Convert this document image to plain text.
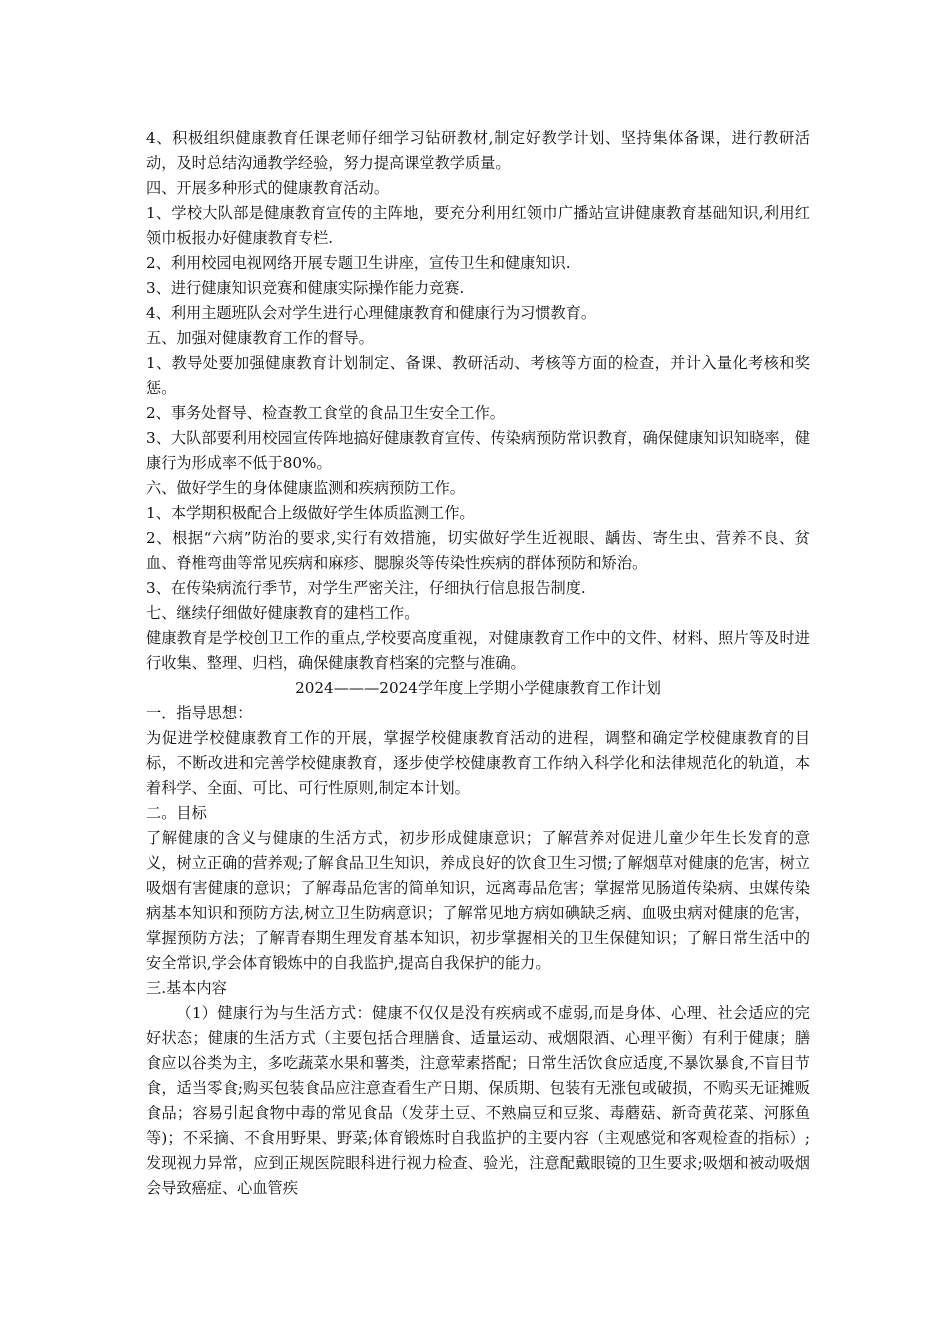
4、积极组织健康教育任课老师仔细学习钻研教材,制定好教学计划、坚持集体备课，进行教研活动，及时总结沟通教学经验，努力提高课堂教学质量。

四、开展多种形式的健康教育活动。

1、学校大队部是健康教育宣传的主阵地，要充分利用红领巾广播站宣讲健康教育基础知识,利用红领巾板报办好健康教育专栏.

2、利用校园电视网络开展专题卫生讲座，宣传卫生和健康知识.

3、进行健康知识竞赛和健康实际操作能力竞赛.

4、利用主题班队会对学生进行心理健康教育和健康行为习惯教育。

五、加强对健康教育工作的督导。

1、教导处要加强健康教育计划制定、备课、教研活动、考核等方面的检查，并计入量化考核和奖惩。

2、事务处督导、检查教工食堂的食品卫生安全工作。

3、大队部要利用校园宣传阵地搞好健康教育宣传、传染病预防常识教育，确保健康知识知晓率，健康行为形成率不低于80%。

六、做好学生的身体健康监测和疾病预防工作。

1、本学期积极配合上级做好学生体质监测工作。

2、根据“六病”防治的要求,实行有效措施，切实做好学生近视眼、龋齿、寄生虫、营养不良、贫血、脊椎弯曲等常见疾病和麻疹、腮腺炎等传染性疾病的群体预防和矫治。

3、在传染病流行季节，对学生严密关注，仔细执行信息报告制度.

七、继续仔细做好健康教育的建档工作。

健康教育是学校创卫工作的重点,学校要高度重视，对健康教育工作中的文件、材料、照片等及时进行收集、整理、归档，确保健康教育档案的完整与准确。

2024———2024学年度上学期小学健康教育工作计划

一．指导思想：

为促进学校健康教育工作的开展，掌握学校健康教育活动的进程，调整和确定学校健康教育的目标，不断改进和完善学校健康教育，逐步使学校健康教育工作纳入科学化和法律规范化的轨道，本着科学、全面、可比、可行性原则,制定本计划。

二。目标

了解健康的含义与健康的生活方式，初步形成健康意识；了解营养对促进儿童少年生长发育的意义，树立正确的营养观;了解食品卫生知识，养成良好的饮食卫生习惯;了解烟草对健康的危害，树立吸烟有害健康的意识；了解毒品危害的简单知识，远离毒品危害；掌握常见肠道传染病、虫媒传染病基本知识和预防方法,树立卫生防病意识；了解常见地方病如碘缺乏病、血吸虫病对健康的危害，掌握预防方法；了解青春期生理发育基本知识，初步掌握相关的卫生保健知识；了解日常生活中的安全常识,学会体育锻炼中的自我监护,提高自我保护的能力。

三.基本内容

（1）健康行为与生活方式：健康不仅仅是没有疾病或不虚弱,而是身体、心理、社会适应的完好状态；健康的生活方式（主要包括合理膳食、适量运动、戒烟限酒、心理平衡）有利于健康；膳食应以谷类为主，多吃蔬菜水果和薯类，注意荤素搭配；日常生活饮食应适度,不暴饮暴食,不盲目节食，适当零食;购买包装食品应注意查看生产日期、保质期、包装有无涨包或破损，不购买无证摊贩食品；容易引起食物中毒的常见食品（发芽土豆、不熟扁豆和豆浆、毒蘑菇、新奇黄花菜、河豚鱼等)；不采摘、不食用野果、野菜;体育锻炼时自我监护的主要内容（主观感觉和客观检查的指标）;发现视力异常，应到正规医院眼科进行视力检查、验光，注意配戴眼镜的卫生要求;吸烟和被动吸烟会导致癌症、心血管疾
